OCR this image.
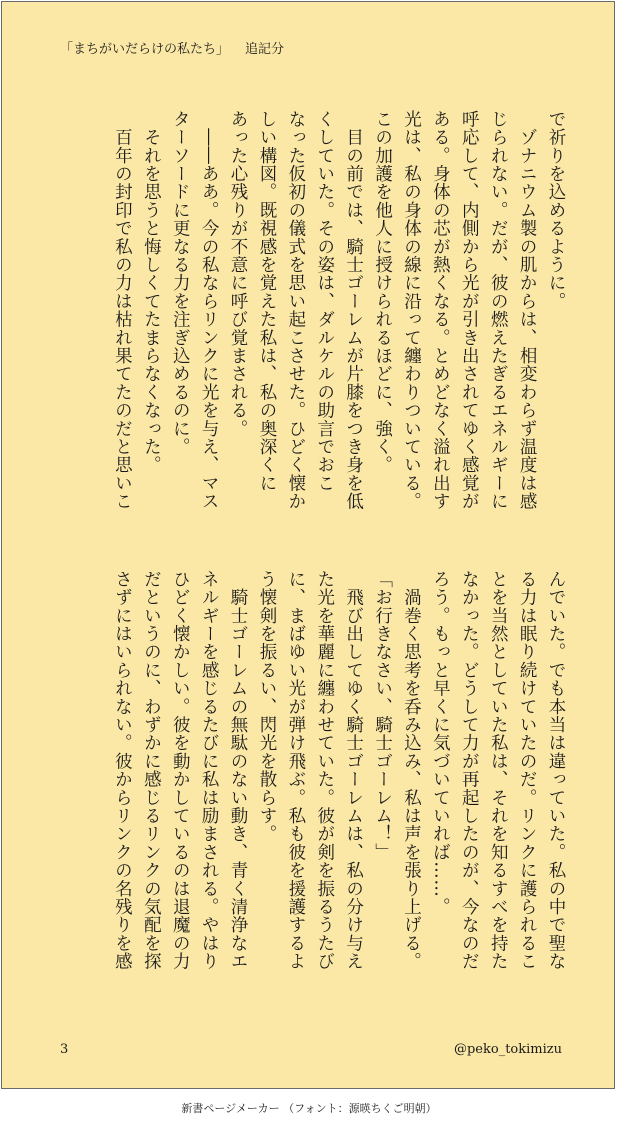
「まちがいだらけの私たち」 追記分

で祈りを込めるように。

　ゾナニウム製の肌からは、相変わらず温度は感

じられない。だが、彼の燃えたぎるエネルギーに

呼応して、内側から光が引き出されてゆく感覚が

ある。身体の芯が熱くなる。とめどなく溢れ出す

光は、私の身体の線に沿って纏わりついている。

この加護を他人に授けられるほどに、強く。

　目の前では、騎士ゴーレムが片膝をつき身を低

くしていた。その姿は、ダルケルの助言でおこ

なった仮初の儀式を思い起こさせた。ひどく懐か

しい構図。既視感を覚えた私は、私の奥深くに

あった心残りが不意に呼び覚まされる。

　――ああ。今の私ならリンクに光を与え、マス

ターソードに更なる力を注ぎ込めるのに。

　それを思うと悔しくてたまらなくなった。

　百年の封印で私の力は枯れ果てたのだと思いこ

んでいた。でも本当は違っていた。私の中で聖な

る力は眠り続けていたのだ。リンクに護られるこ

とを当然としていた私は、それを知るすべを持た

なかった。どうして力が再起したのが、今なのだ

ろう。もっと早くに気づいていれば……。

　渦巻く思考を呑み込み、私は声を張り上げる。

「お行きなさい、騎士ゴーレム！」

　飛び出してゆく騎士ゴーレムは、私の分け与え

た光を華麗に纏わせていた。彼が剣を振るうたび

に、まばゆい光が弾け飛ぶ。私も彼を援護するよ

う懐剣を振るい、閃光を散らす。

　騎士ゴーレムの無駄のない動き、青く清浄なエ

ネルギーを感じるたびに私は励まされる。やはり

ひどく懐かしい。彼を動かしているのは退魔の力

だというのに、わずかに感じるリンクの気配を探

さずにはいられない。彼からリンクの名残りを感

3	@peko_tokimizu
新書ページメーカー （フォント：源暎ちくご明朝）
